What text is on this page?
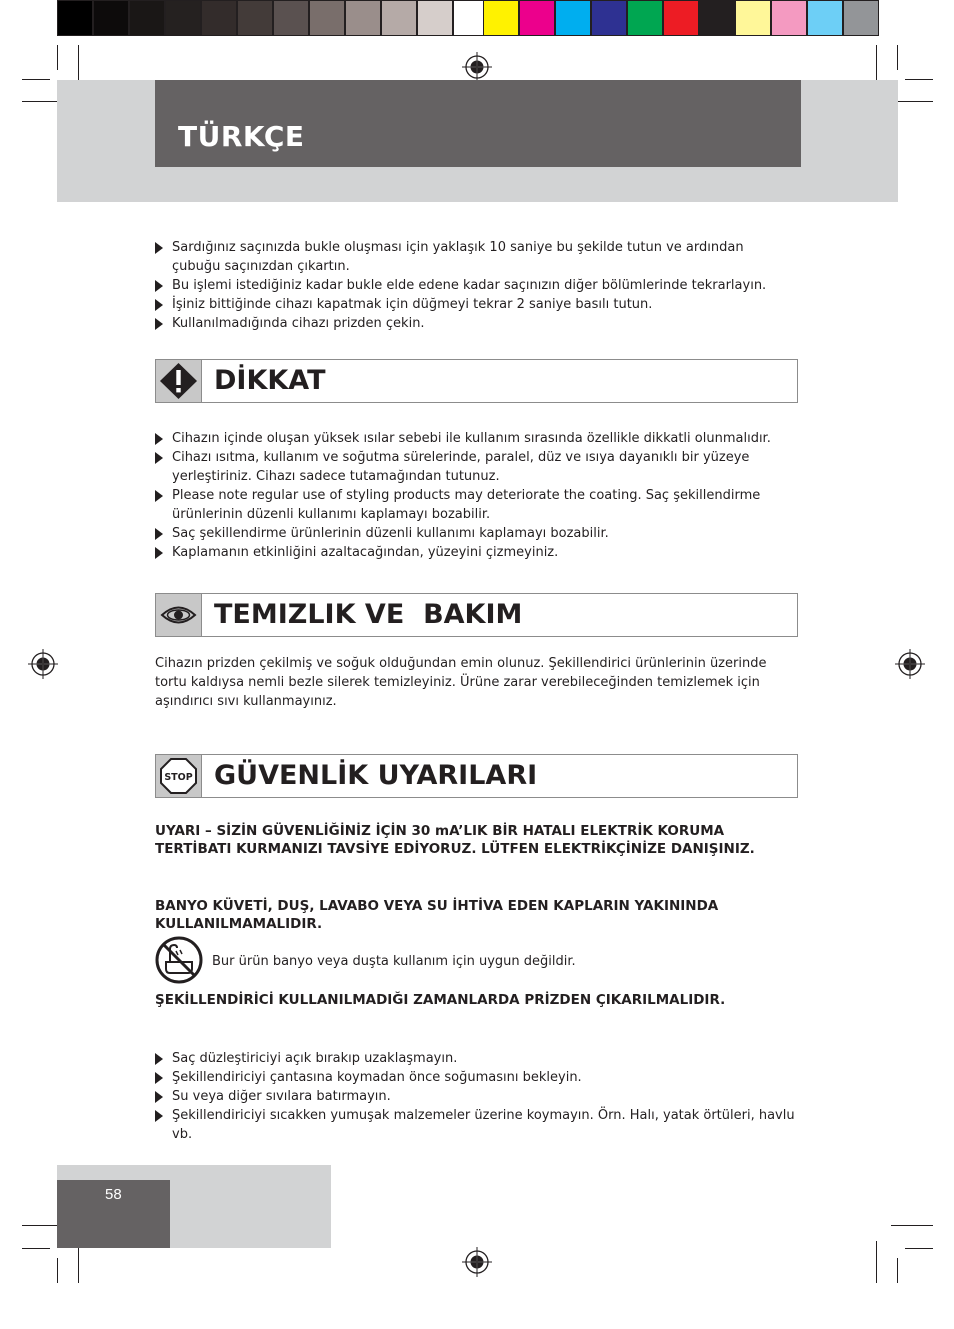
TÜRKÇE
Sardığınız saçınızda bukle oluşması için yaklaşık 10 saniye bu şekilde tutun ve ardından çubuğu saçınızdan çıkartın.
Bu işlemi istediğiniz kadar bukle elde edene kadar saçınızın diğer bölümlerinde tekrarlayın.
İşiniz bittiğinde cihazı kapatmak için düğmeyi tekrar 2 saniye basılı tutun.
Kullanılmadığında cihazı prizden çekin.
DİKKAT
Cihazın içinde oluşan yüksek ısılar sebebi ile kullanım sırasında özellikle dikkatli olunmalıdır.
Cihazı ısıtma, kullanım ve soğutma sürelerinde, paralel, düz ve ısıya dayanıklı bir yüzeye yerleştiriniz. Cihazı sadece tutamağından tutunuz.
Please note regular use of styling products may deteriorate the coating. Saç şekillendirme ürünlerinin düzenli kullanımı kaplamayı bozabilir.
Saç şekillendirme ürünlerinin düzenli kullanımı kaplamayı bozabilir.
Kaplamanın etkinliğini azaltacağından, yüzeyini çizmeyiniz.
TEMIZLIK VE  BAKIM

Cihazın prizden çekilmiş ve soğuk olduğundan emin olunuz. Şekillendirici ürünlerinin üzerinde tortu kaldıysa nemli bezle silerek temizleyiniz. Ürüne zarar verebileceğinden temizlemek için aşındırıcı sıvı kullanmayınız.

STOP GÜVENLİK UYARILARI

UYARI – SİZİN GÜVENLİĞİNİZ İÇİN 30 mA’LIK BİR HATALI ELEKTRİK KORUMA TERTİBATI KURMANIZI TAVSİYE EDİYORUZ. LÜTFEN ELEKTRİKÇİNİZE DANIŞINIZ.

BANYO KÜVETİ, DUŞ, LAVABO VEYA SU İHTİVA EDEN KAPLARIN YAKININDA KULLANILMAMALIDIR.

Bur ürün banyo veya duşta kullanım için uygun değildir.

ŞEKİLLENDİRİCİ KULLANILMADIĞI ZAMANLARDA PRİZDEN ÇIKARILMALIDIR.

Saç düzleştiriciyi açık bırakıp uzaklaşmayın.
Şekillendiriciyi çantasına koymadan önce soğumasını bekleyin.
Su veya diğer sıvılara batırmayın.
Şekillendiriciyi sıcakken yumuşak malzemeler üzerine koymayın. Örn. Halı, yatak örtüleri, havlu vb.
58
